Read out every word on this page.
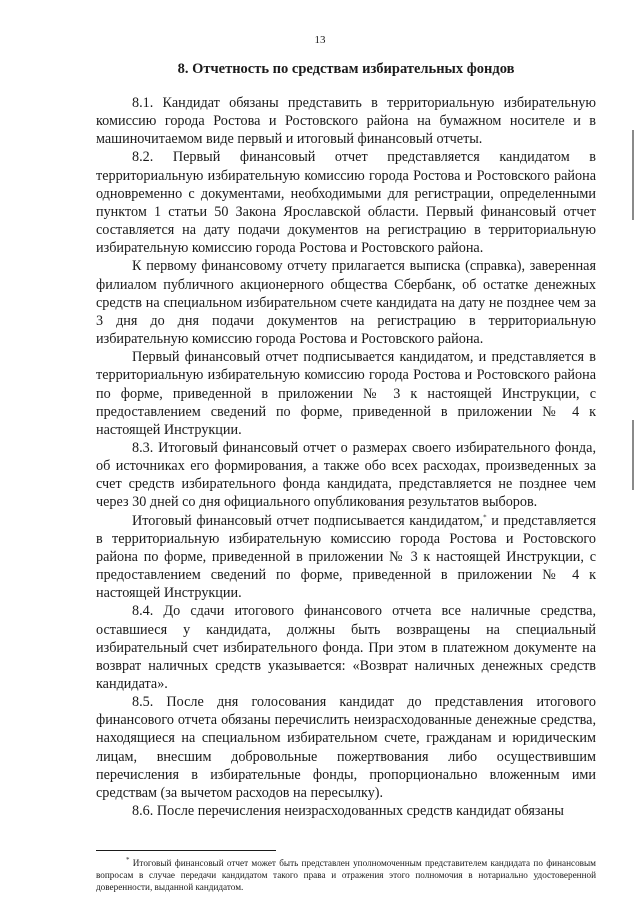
13
8. Отчетность по средствам избирательных фондов

8.1. Кандидат обязаны представить в территориальную избирательную комиссию города Ростова и Ростовского района на бумажном носителе и в машиночитаемом виде первый и итоговый финансовый отчеты.

8.2. Первый финансовый отчет представляется кандидатом в территориальную избирательную комиссию города Ростова и Ростовского района одновременно с документами, необходимыми для регистрации, определенными пунктом 1 статьи 50 Закона Ярославской области. Первый финансовый отчет составляется на дату подачи документов на регистрацию в территориальную избирательную комиссию города Ростова и Ростовского района.

К первому финансовому отчету прилагается выписка (справка), заверенная филиалом публичного акционерного общества Сбербанк, об остатке денежных средств на специальном избирательном счете кандидата на дату не позднее чем за 3 дня до дня подачи документов на регистрацию в территориальную избирательную комиссию города Ростова и Ростовского района.

Первый финансовый отчет подписывается кандидатом, и представляется в территориальную избирательную комиссию города Ростова и Ростовского района по форме, приведенной в приложении № 3 к настоящей Инструкции, с предоставлением сведений по форме, приведенной в приложении № 4 к настоящей Инструкции.

8.3. Итоговый финансовый отчет о размерах своего избирательного фонда, об источниках его формирования, а также обо всех расходах, произведенных за счет средств избирательного фонда кандидата, представляется не позднее чем через 30 дней со дня официального опубликования результатов выборов.

Итоговый финансовый отчет подписывается кандидатом,* и представляется в территориальную избирательную комиссию города Ростова и Ростовского района по форме, приведенной в приложении № 3 к настоящей Инструкции, с предоставлением сведений по форме, приведенной в приложении № 4 к настоящей Инструкции.

8.4. До сдачи итогового финансового отчета все наличные средства, оставшиеся у кандидата, должны быть возвращены на специальный избирательный счет избирательного фонда. При этом в платежном документе на возврат наличных средств указывается: «Возврат наличных денежных средств кандидата».

8.5. После дня голосования кандидат до представления итогового финансового отчета обязаны перечислить неизрасходованные денежные средства, находящиеся на специальном избирательном счете, гражданам и юридическим лицам, внесшим добровольные пожертвования либо осуществившим перечисления в избирательные фонды, пропорционально вложенным ими средствам (за вычетом расходов на пересылку).

8.6. После перечисления неизрасходованных средств кандидат обязаны

* Итоговый финансовый отчет может быть представлен уполномоченным представителем кандидата по финансовым вопросам в случае передачи кандидатом такого права и отражения этого полномочия в нотариально удостоверенной доверенности, выданной кандидатом.
